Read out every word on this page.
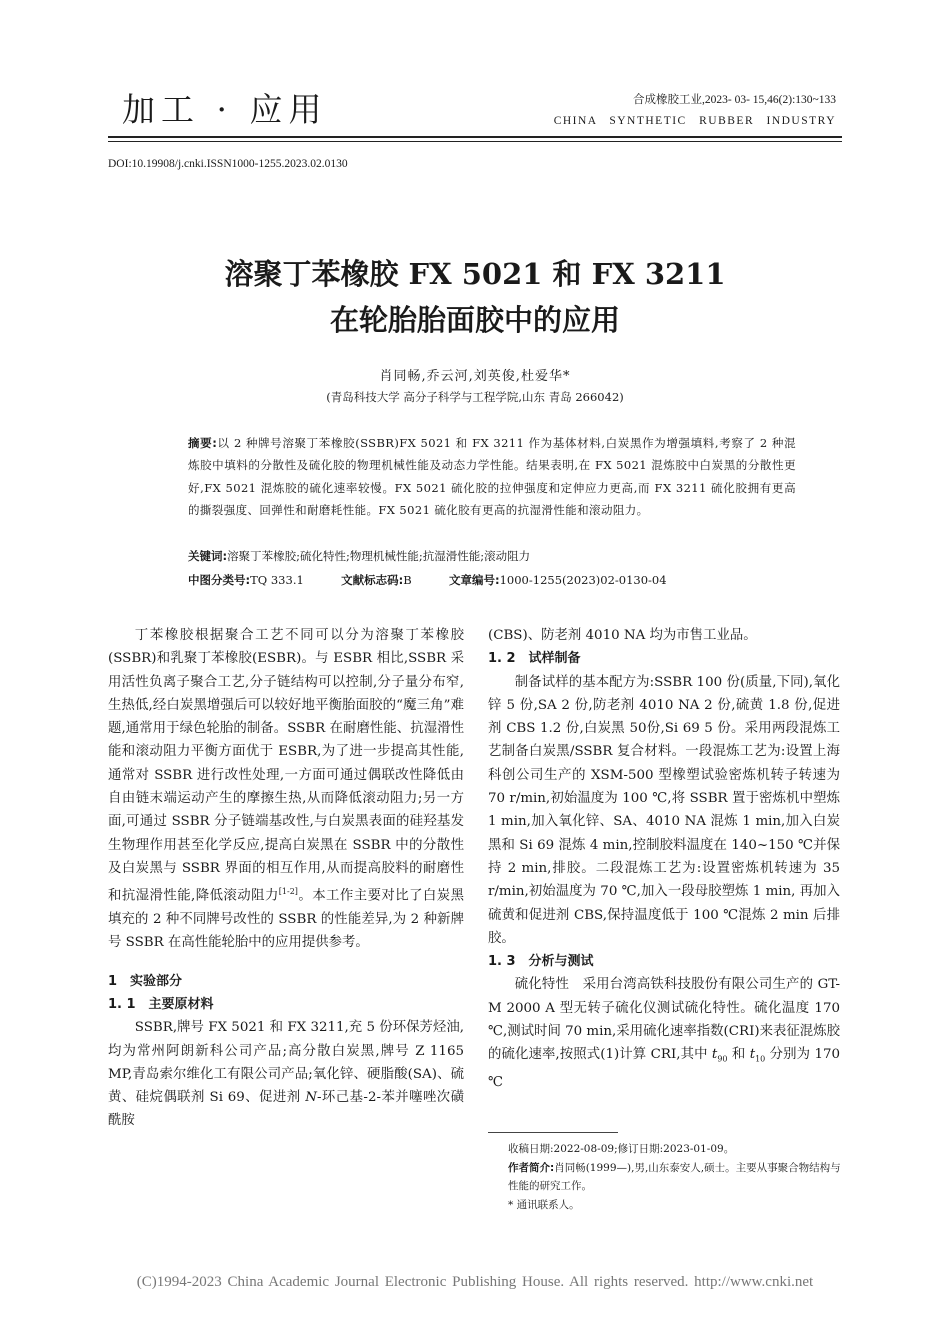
加工 · 应用	合成橡胶工业,2023- 03- 15,46(2):130~133
CHINA SYNTHETIC RUBBER INDUSTRY
DOI:10.19908/j.cnki.ISSN1000-1255.2023.02.0130
溶聚丁苯橡胶 FX 5021 和 FX 3211
在轮胎胎面胶中的应用
肖同畅,乔云河,刘英俊,杜爱华*
(青岛科技大学 高分子科学与工程学院,山东 青岛 266042)
摘要:以 2 种牌号溶聚丁苯橡胶(SSBR)FX 5021 和 FX 3211 作为基体材料,白炭黑作为增强填料,考察了 2 种混炼胶中填料的分散性及硫化胶的物理机械性能及动态力学性能。结果表明,在 FX 5021 混炼胶中白炭黑的分散性更好,FX 5021 混炼胶的硫化速率较慢。FX 5021 硫化胶的拉伸强度和定伸应力更高,而 FX 3211 硫化胶拥有更高的撕裂强度、回弹性和耐磨耗性能。FX 5021 硫化胶有更高的抗湿滑性能和滚动阻力。
关键词:溶聚丁苯橡胶;硫化特性;物理机械性能;抗湿滑性能;滚动阻力
中图分类号:TQ 333.1	文献标志码:B	文章编号:1000-1255(2023)02-0130-04

丁苯橡胶根据聚合工艺不同可以分为溶聚丁苯橡胶(SSBR)和乳聚丁苯橡胶(ESBR)。与 ESBR 相比,SSBR 采用活性负离子聚合工艺,分子链结构可以控制,分子量分布窄,生热低,经白炭黑增强后可以较好地平衡胎面胶的“魔三角”难题,通常用于绿色轮胎的制备。SSBR 在耐磨性能、抗湿滑性能和滚动阻力平衡方面优于 ESBR,为了进一步提高其性能,通常对 SSBR 进行改性处理,一方面可通过偶联改性降低由自由链末端运动产生的摩擦生热,从而降低滚动阻力;另一方面,可通过 SSBR 分子链端基改性,与白炭黑表面的硅羟基发生物理作用甚至化学反应,提高白炭黑在 SSBR 中的分散性及白炭黑与 SSBR 界面的相互作用,从而提高胶料的耐磨性和抗湿滑性能,降低滚动阻力[1-2]。本工作主要对比了白炭黑填充的 2 种不同牌号改性的 SSBR 的性能差异,为 2 种新牌号 SSBR 在高性能轮胎中的应用提供参考。

1　实验部分

1. 1　主要原材料

SSBR,牌号 FX 5021 和 FX 3211,充 5 份环保芳烃油,均为常州阿朗新科公司产品;高分散白炭黑,牌号 Z 1165 MP,青岛索尔维化工有限公司产品;氧化锌、硬脂酸(SA)、硫黄、硅烷偶联剂 Si 69、促进剂 N-环己基-2-苯并噻唑次磺酰胺

(CBS)、防老剂 4010 NA 均为市售工业品。

1. 2　试样制备

制备试样的基本配方为:SSBR 100 份(质量,下同),氧化锌 5 份,SA 2 份,防老剂 4010 NA 2 份,硫黄 1.8 份,促进剂 CBS 1.2 份,白炭黑 50份,Si 69 5 份。采用两段混炼工艺制备白炭黑/SSBR 复合材料。一段混炼工艺为:设置上海科创公司生产的 XSM-500 型橡塑试验密炼机转子转速为 70 r/min,初始温度为 100 ℃,将 SSBR 置于密炼机中塑炼 1 min,加入氧化锌、SA、4010 NA 混炼 1 min,加入白炭黑和 Si 69 混炼 4 min,控制胶料温度在 140~150 ℃并保持 2 min,排胶。二段混炼工艺为:设置密炼机转速为 35 r/min,初始温度为 70 ℃,加入一段母胶塑炼 1 min, 再加入硫黄和促进剂 CBS,保持温度低于 100 ℃混炼 2 min 后排胶。

1. 3　分析与测试

硫化特性　采用台湾高铁科技股份有限公司生产的 GT-M 2000 A 型无转子硫化仪测试硫化特性。硫化温度 170 ℃,测试时间 70 min,采用硫化速率指数(CRI)来表征混炼胶的硫化速率,按照式(1)计算 CRI,其中 $t_{90}$ 和 $t_{10}$ 分别为 170 ℃

收稿日期:2022-08-09;修订日期:2023-01-09。

作者简介:肖同畅(1999—),男,山东泰安人,硕士。主要从事聚合物结构与性能的研究工作。

* 通讯联系人。

(C)1994-2023 China Academic Journal Electronic Publishing House. All rights reserved. http://www.cnki.net
